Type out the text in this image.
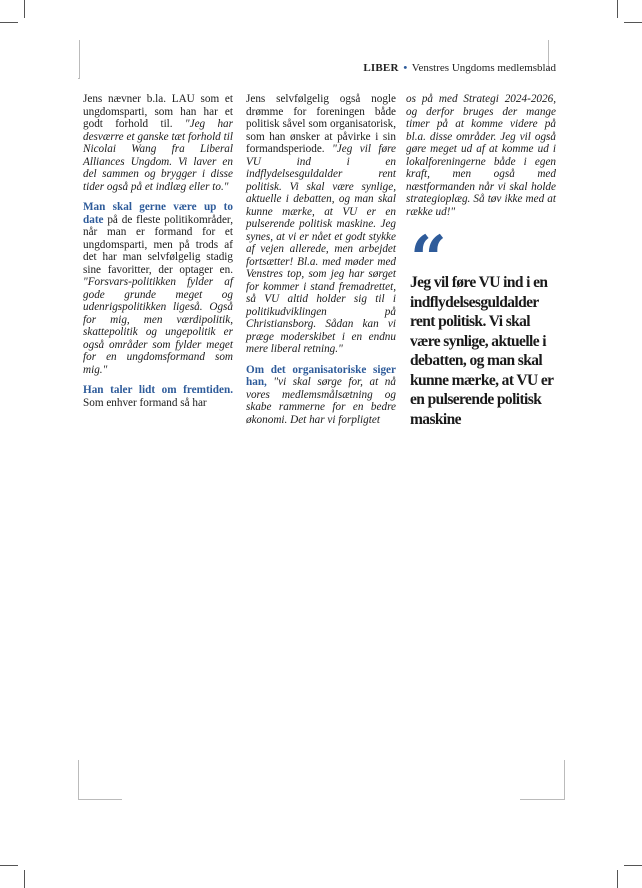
LIBER • Venstres Ungdoms medlemsblad

Jens nævner b.la. LAU som et ungdomsparti, som han har et godt forhold til. "Jeg har desværre et ganske tæt forhold til Nicolai Wang fra Liberal Alliances Ungdom. Vi laver en del sammen og brygger i disse tider også på et indlæg eller to."

Man skal gerne være up to date på de fleste politikområder, når man er formand for et ungdomsparti, men på trods af det har man selvfølgelig stadig sine favoritter, der optager en. "Forsvars-politikken fylder af gode grunde meget og udenrigspolitikken ligeså. Også for mig, men værdipolitik, skattepolitik og ungepolitik er også områder som fylder meget for en ungdomsformand som mig."

Han taler lidt om fremtiden. Som enhver formand så har

Jens selvfølgelig også nogle drømme for foreningen både politisk såvel som organisatorisk, som han ønsker at påvirke i sin formandsperiode. "Jeg vil føre VU ind i en indflydelsesguldalder rent politisk. Vi skal være synlige, aktuelle i debatten, og man skal kunne mærke, at VU er en pulserende politisk maskine. Jeg synes, at vi er nået et godt stykke af vejen allerede, men arbejdet fortsætter! Bl.a. med møder med Venstres top, som jeg har sørget for kommer i stand fremadrettet, så VU altid holder sig til i politikudviklingen på Christiansborg. Sådan kan vi præge moderskibet i en endnu mere liberal retning."

Om det organisatoriske siger han, "vi skal sørge for, at nå vores medlemsmålsætning og skabe rammerne for en bedre økonomi. Det har vi forpligtet

os på med Strategi 2024-2026, og derfor bruges der mange timer på at komme videre på bl.a. disse områder. Jeg vil også gøre meget ud af at komme ud i lokalforeningerne både i egen kraft, men også med næstformanden når vi skal holde strategioplæg. Så tøv ikke med at række ud!"

“
Jeg vil føre VU ind i en indflydelsesguldalder rent politisk. Vi skal være synlige, aktuelle i debatten, og man skal kunne mærke, at VU er en pulserende politisk maskine
